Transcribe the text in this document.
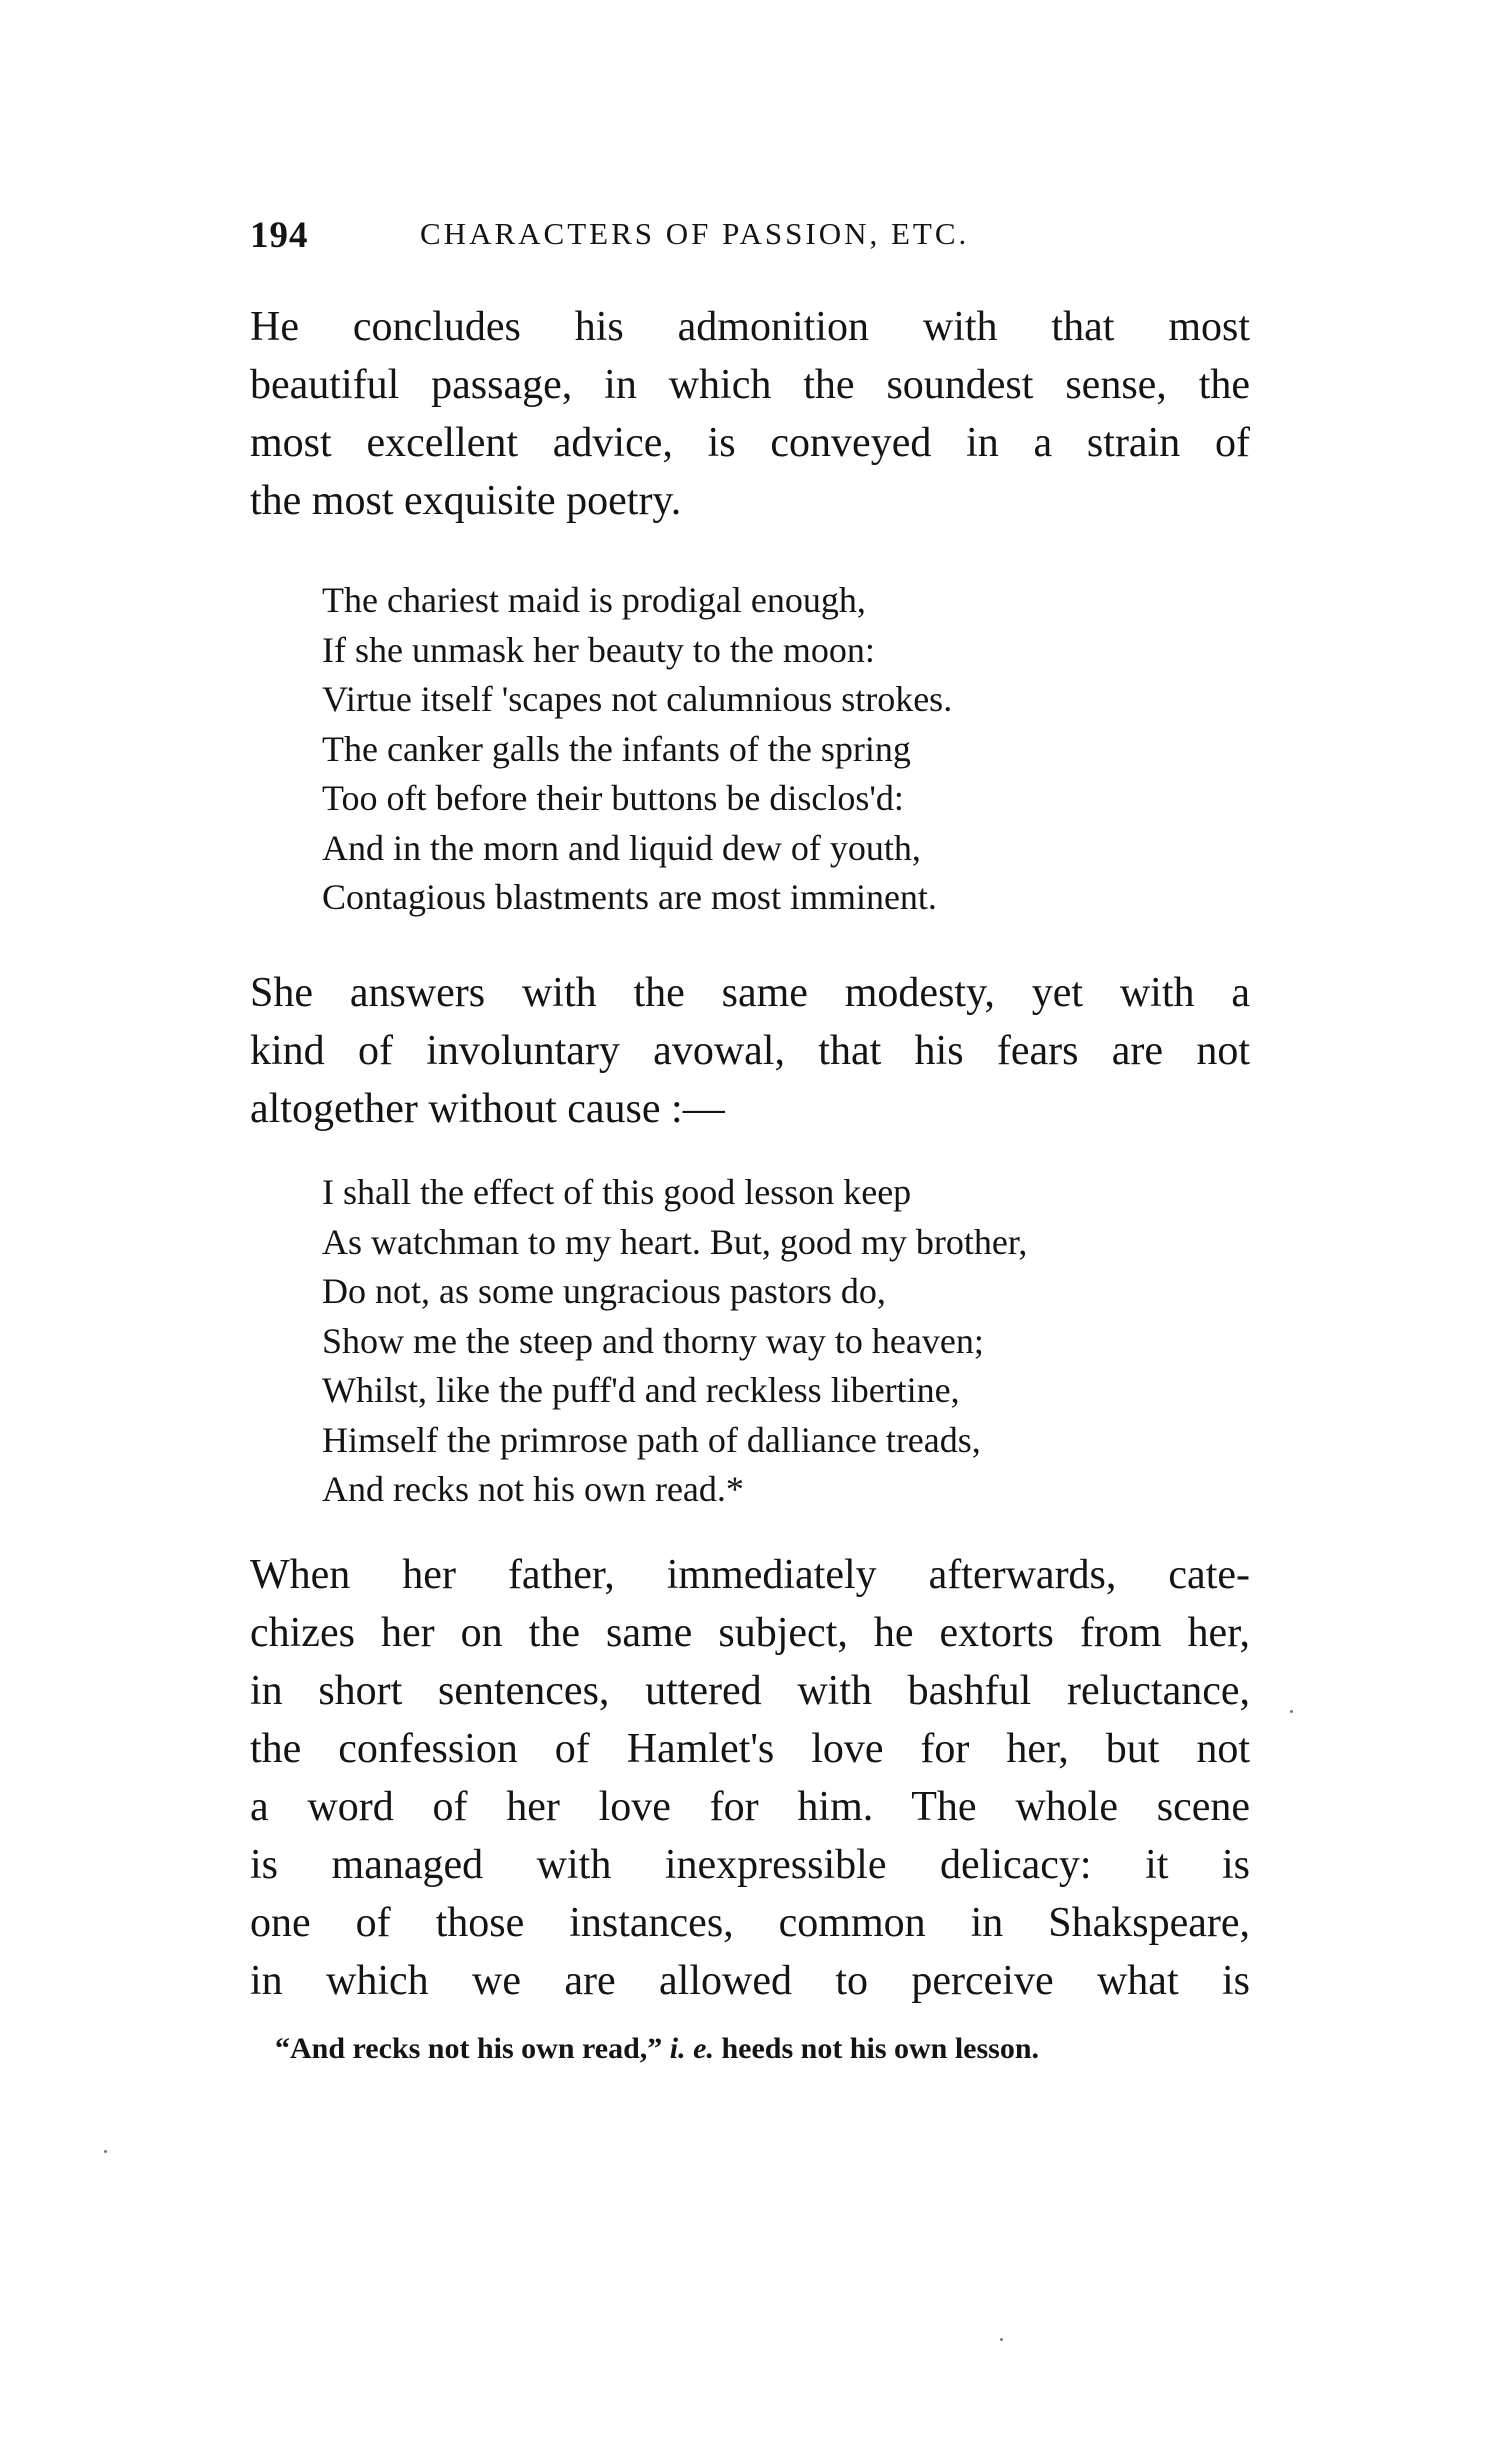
194	CHARACTERS OF PASSION, ETC.
He concludes his admonition with that most
beautiful passage, in which the soundest sense, the
most excellent advice, is conveyed in a strain of
the most exquisite poetry.
The chariest maid is prodigal enough,
If she unmask her beauty to the moon:
Virtue itself 'scapes not calumnious strokes.
The canker galls the infants of the spring
Too oft before their buttons be disclos'd:
And in the morn and liquid dew of youth,
Contagious blastments are most imminent.
She answers with the same modesty, yet with a
kind of involuntary avowal, that his fears are not
altogether without cause :—
I shall the effect of this good lesson keep
As watchman to my heart. But, good my brother,
Do not, as some ungracious pastors do,
Show me the steep and thorny way to heaven;
Whilst, like the puff'd and reckless libertine,
Himself the primrose path of dalliance treads,
And recks not his own read.*
When her father, immediately afterwards, cate-
chizes her on the same subject, he extorts from her,
in short sentences, uttered with bashful reluctance,
the confession of Hamlet's love for her, but not
a word of her love for him. The whole scene
is managed with inexpressible delicacy: it is
one of those instances, common in Shakspeare,
in which we are allowed to perceive what is
“And recks not his own read,” i. e. heeds not his own lesson.
